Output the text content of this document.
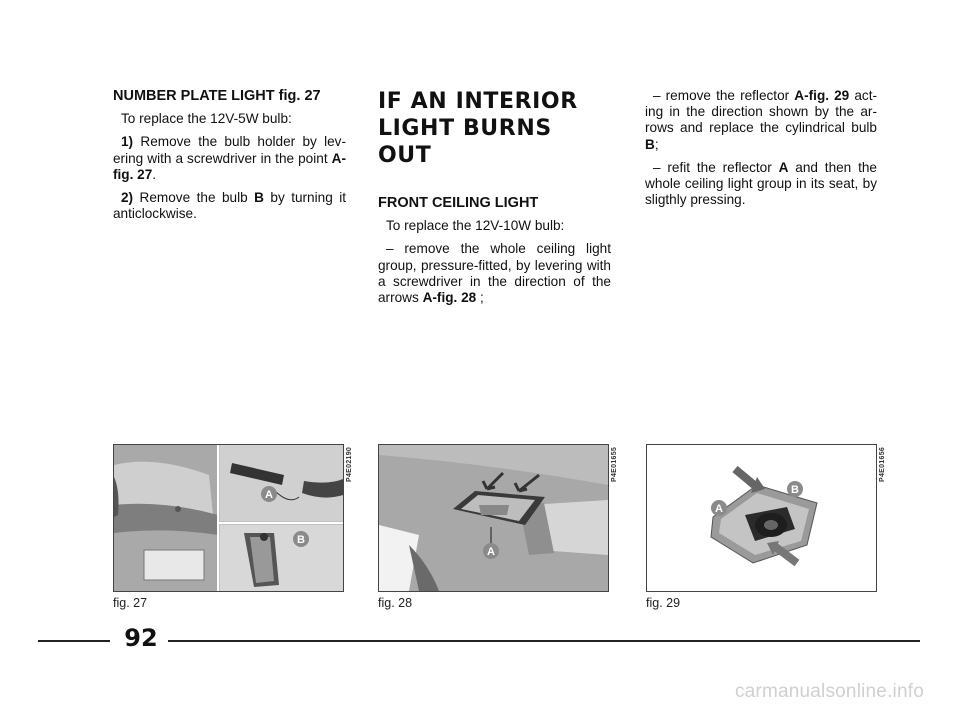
NUMBER PLATE LIGHT fig. 27

To replace the 12V-5W bulb:

1) Remove the bulb holder by lev-ering with a screwdriver in the point A-fig. 27.

2) Remove the bulb B by turning it anticlockwise.

IF AN INTERIOR
LIGHT BURNS
OUT

FRONT CEILING LIGHT

To replace the 12V-10W bulb:

– remove the whole ceiling light group, pressure-fitted, by levering with a screwdriver in the direction of the arrows A-fig. 28 ;

– remove the reflector A-fig. 29 act-ing in the direction shown by the ar-rows and replace the cylindrical bulb B;

– refit the reflector A and then the whole ceiling light group in its seat, by sligthly pressing.

A
B
P4E02190
fig. 27
A
P4E01655
fig. 28
B
A
P4E01656
fig. 29
92
carmanualsonline.info
